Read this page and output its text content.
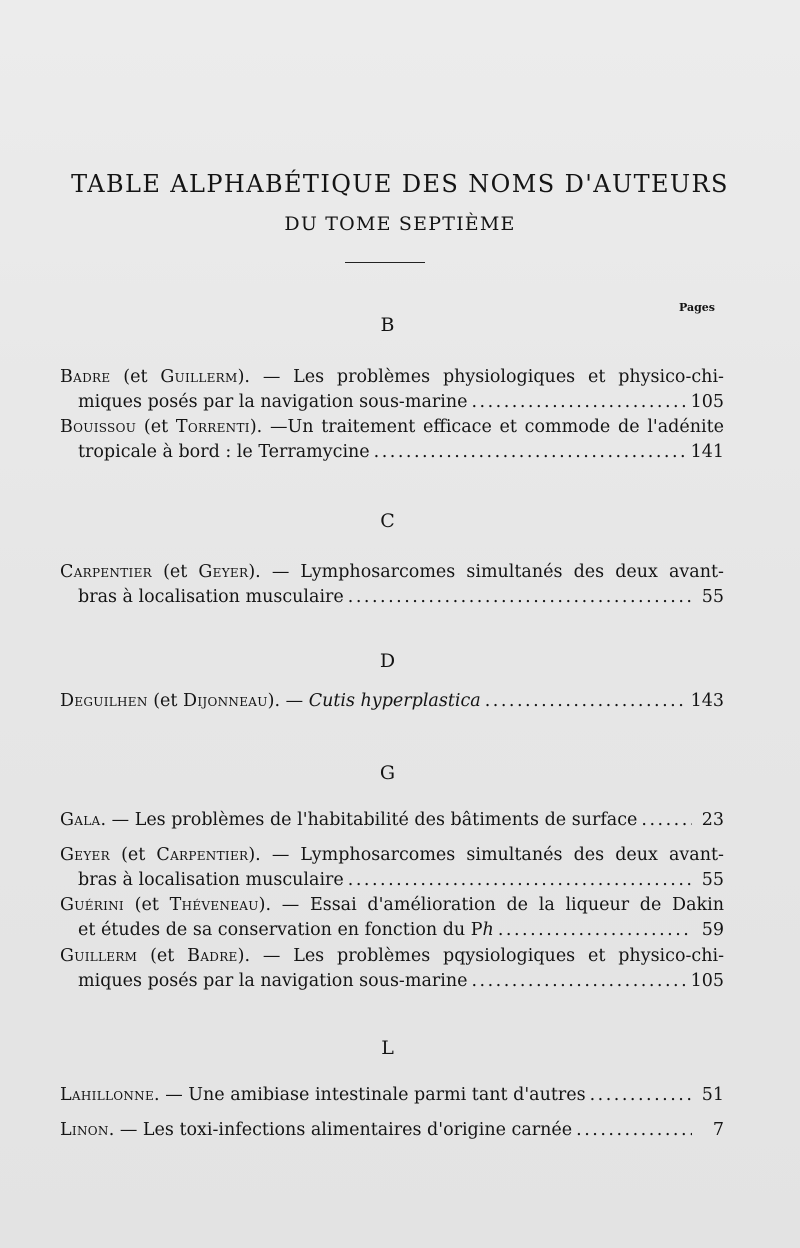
TABLE ALPHABÉTIQUE DES NOMS D'AUTEURS
DU TOME SEPTIÈME
Pages
B
Badre (et Guillerm). — Les problèmes physiologiques et physico-chi-
miques posés par la navigation sous-marine .....	105
Bouissou (et Torrenti). —Un traitement efficace et commode de l'adénite
tropicale à bord : le Terramycine .....	141
C
Carpentier (et Geyer). — Lymphosarcomes simultanés des deux avant-
bras à localisation musculaire .....	55
D
Deguilhen (et Dijonneau). — Cutis hyperplastica .....	143
G
Gala. — Les problèmes de l'habitabilité des bâtiments de surface .....	23
Geyer (et Carpentier). — Lymphosarcomes simultanés des deux avant-
bras à localisation musculaire .....	55
Guérini (et Théveneau). — Essai d'amélioration de la liqueur de Dakin
et études de sa conservation en fonction du Ph .....	59
Guillerm (et Badre). — Les problèmes pqysiologiques et physico-chi-
miques posés par la navigation sous-marine .....	105
L
Lahillonne. — Une amibiase intestinale parmi tant d'autres .....	51
Linon. — Les toxi-infections alimentaires d'origine carnée .....	7
